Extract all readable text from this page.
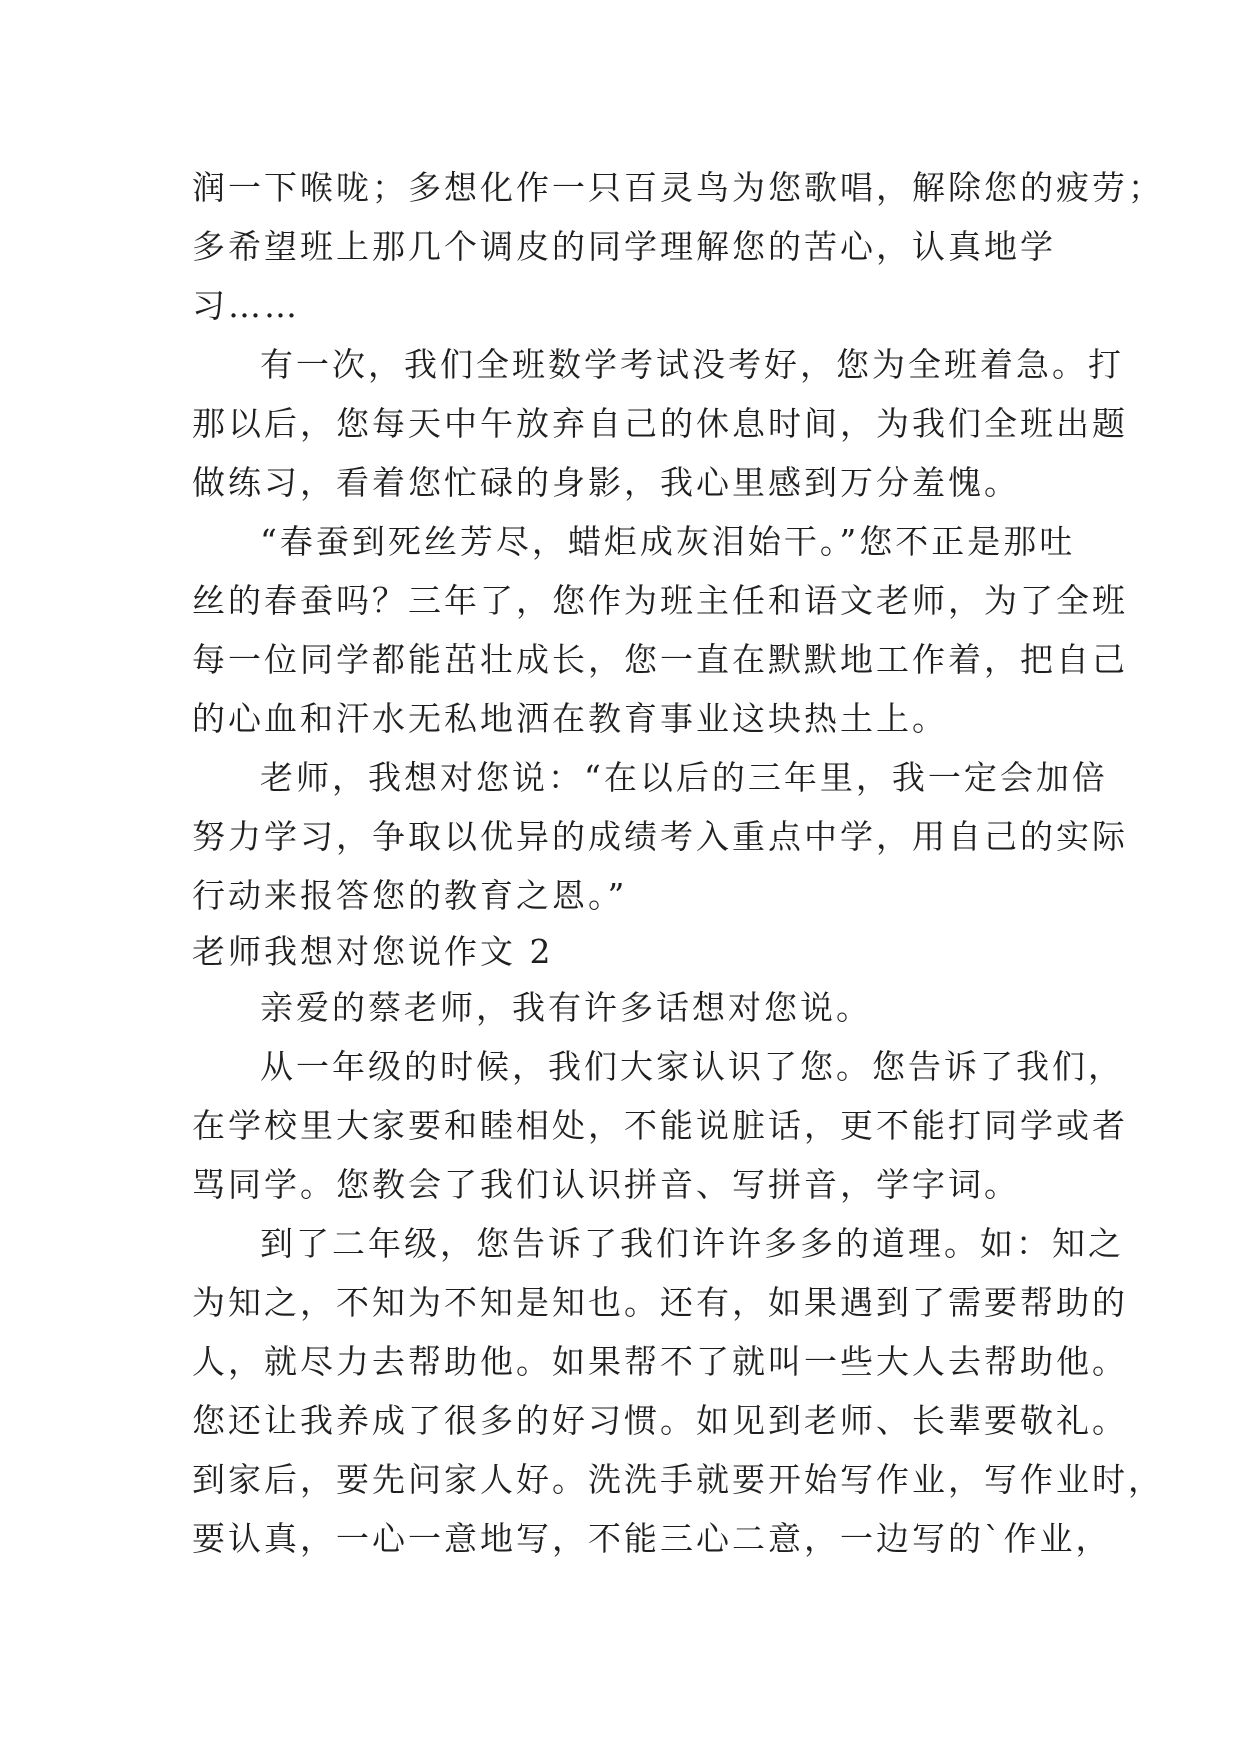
润一下喉咙；多想化作一只百灵鸟为您歌唱，解除您的疲劳；
多希望班上那几个调皮的同学理解您的苦心，认真地学
习……
有一次，我们全班数学考试没考好，您为全班着急。打
那以后，您每天中午放弃自己的休息时间，为我们全班出题
做练习，看着您忙碌的身影，我心里感到万分羞愧。
“春蚕到死丝芳尽，蜡炬成灰泪始干。”您不正是那吐
丝的春蚕吗？三年了，您作为班主任和语文老师，为了全班
每一位同学都能茁壮成长，您一直在默默地工作着，把自己
的心血和汗水无私地洒在教育事业这块热土上。
老师，我想对您说：“在以后的三年里，我一定会加倍
努力学习，争取以优异的成绩考入重点中学，用自己的实际
行动来报答您的教育之恩。”
老师我想对您说作文 2
亲爱的蔡老师，我有许多话想对您说。
从一年级的时候，我们大家认识了您。您告诉了我们，
在学校里大家要和睦相处，不能说脏话，更不能打同学或者
骂同学。您教会了我们认识拼音、写拼音，学字词。
到了二年级，您告诉了我们许许多多的道理。如：知之
为知之，不知为不知是知也。还有，如果遇到了需要帮助的
人，就尽力去帮助他。如果帮不了就叫一些大人去帮助他。
您还让我养成了很多的好习惯。如见到老师、长辈要敬礼。
到家后，要先问家人好。洗洗手就要开始写作业，写作业时，
要认真，一心一意地写，不能三心二意，一边写的`作业，
